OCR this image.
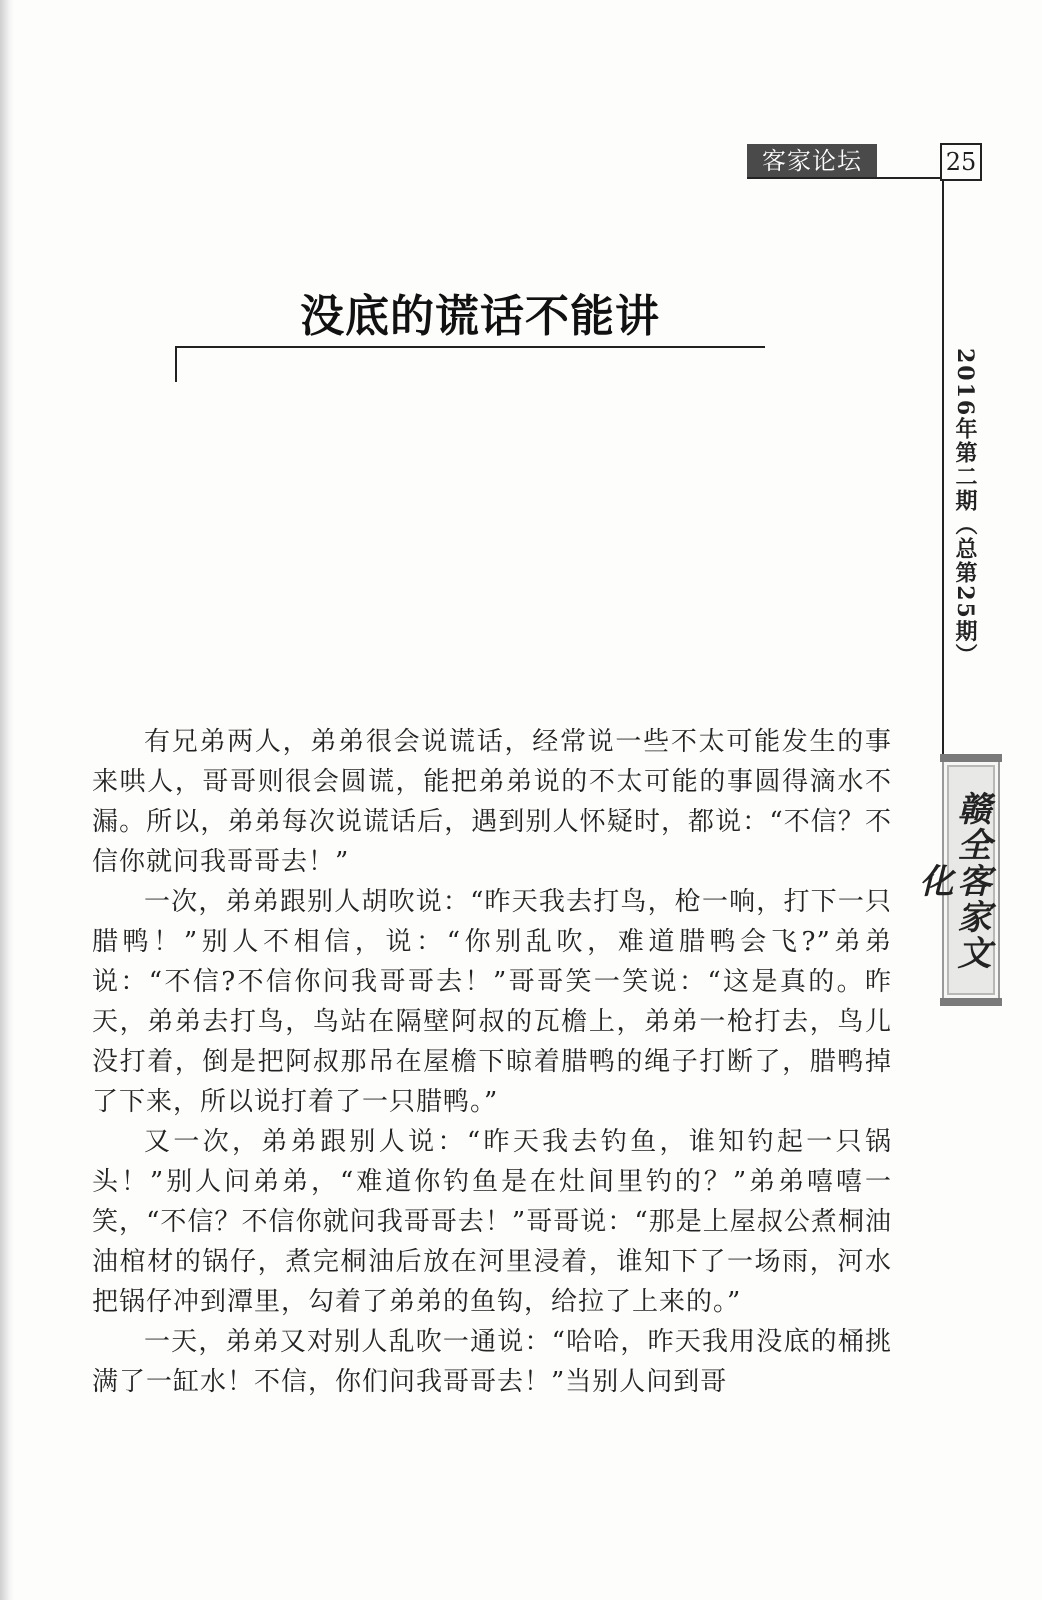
客家论坛	25
2016年第二期（总第25期）
赣全客家文化
没底的谎话不能讲

有兄弟两人，弟弟很会说谎话，经常说一些不太可能发生的事来哄人，哥哥则很会圆谎，能把弟弟说的不太可能的事圆得滴水不漏。所以，弟弟每次说谎话后，遇到别人怀疑时，都说：“不信？不信你就问我哥哥去！”

一次，弟弟跟别人胡吹说：“昨天我去打鸟，枪一响，打下一只腊鸭！”别人不相信，说：“你别乱吹，难道腊鸭会飞?”弟弟说：“不信?不信你问我哥哥去！”哥哥笑一笑说：“这是真的。昨天，弟弟去打鸟，鸟站在隔壁阿叔的瓦檐上，弟弟一枪打去，鸟儿没打着，倒是把阿叔那吊在屋檐下晾着腊鸭的绳子打断了，腊鸭掉了下来，所以说打着了一只腊鸭。”

又一次，弟弟跟别人说：“昨天我去钓鱼，谁知钓起一只锅头！”别人问弟弟，“难道你钓鱼是在灶间里钓的？”弟弟嘻嘻一笑，“不信？不信你就问我哥哥去！”哥哥说：“那是上屋叔公煮桐油油棺材的锅仔，煮完桐油后放在河里浸着，谁知下了一场雨，河水把锅仔冲到潭里，勾着了弟弟的鱼钩，给拉了上来的。”

一天，弟弟又对别人乱吹一通说：“哈哈，昨天我用没底的桶挑满了一缸水！不信，你们问我哥哥去！”当别人问到哥
